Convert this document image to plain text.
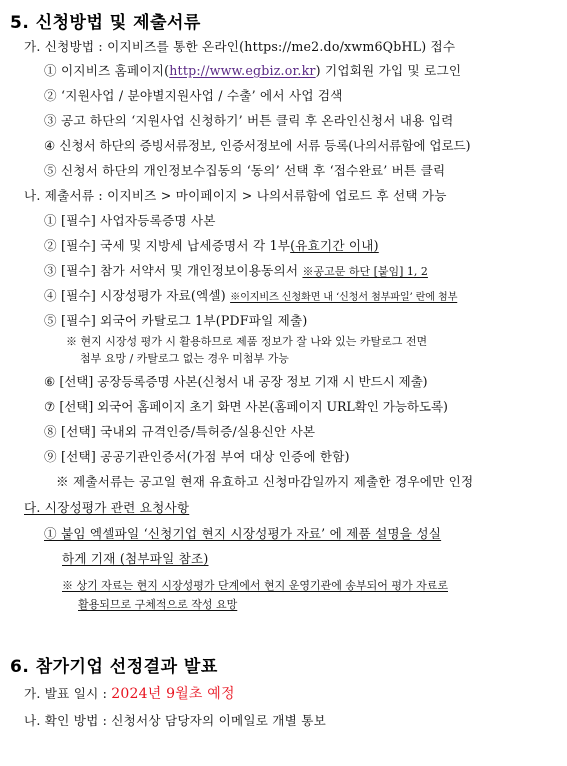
5. 신청방법 및 제출서류
가. 신청방법 : 이지비즈를 통한 온라인(https://me2.do/xwm6QbHL) 접수
① 이지비즈 홈페이지(http://www.egbiz.or.kr) 기업회원 가입 및 로그인
② ‘지원사업 / 분야별지원사업 / 수출’ 에서 사업 검색
③ 공고 하단의 ‘지원사업 신청하기’ 버튼 클릭 후 온라인신청서 내용 입력
④ 신청서 하단의 증빙서류정보, 인증서정보에 서류 등록(나의서류함에 업로드)
⑤ 신청서 하단의 개인정보수집동의 ‘동의’ 선택 후 ‘접수완료’ 버튼 클릭
나. 제출서류 : 이지비즈 > 마이페이지 > 나의서류함에 업로드 후 선택 가능
① [필수] 사업자등록증명 사본
② [필수] 국세 및 지방세 납세증명서 각 1부(유효기간 이내)
③ [필수] 참가 서약서 및 개인정보이용동의서 ※공고문 하단 [붙임] 1, 2
④ [필수] 시장성평가 자료(엑셀) ※이지비즈 신청화면 내 ‘신청서 첨부파일’ 란에 첨부
⑤ [필수] 외국어 카탈로그 1부(PDF파일 제출)
※ 현지 시장성 평가 시 활용하므로 제품 정보가 잘 나와 있는 카탈로그 전면
첨부 요망 / 카탈로그 없는 경우 미첨부 가능
⑥ [선택] 공장등록증명 사본(신청서 내 공장 정보 기재 시 반드시 제출)
⑦ [선택] 외국어 홈페이지 초기 화면 사본(홈페이지 URL확인 가능하도록)
⑧ [선택] 국내외 규격인증/특허증/실용신안 사본
⑨ [선택] 공공기관인증서(가점 부여 대상 인증에 한함)
※ 제출서류는 공고일 현재 유효하고 신청마감일까지 제출한 경우에만 인정
다. 시장성평가 관련 요청사항
① 붙임 엑셀파일 ‘신청기업 현지 시장성평가 자료’ 에 제품 설명을 성실
하게 기재 (첨부파일 참조)
※ 상기 자료는 현지 시장성평가 단계에서 현지 운영기관에 송부되어 평가 자료로
활용되므로 구체적으로 작성 요망
6. 참가기업 선정결과 발표
가. 발표 일시 : 2024년 9월초 예정
나. 확인 방법 : 신청서상 담당자의 이메일로 개별 통보
